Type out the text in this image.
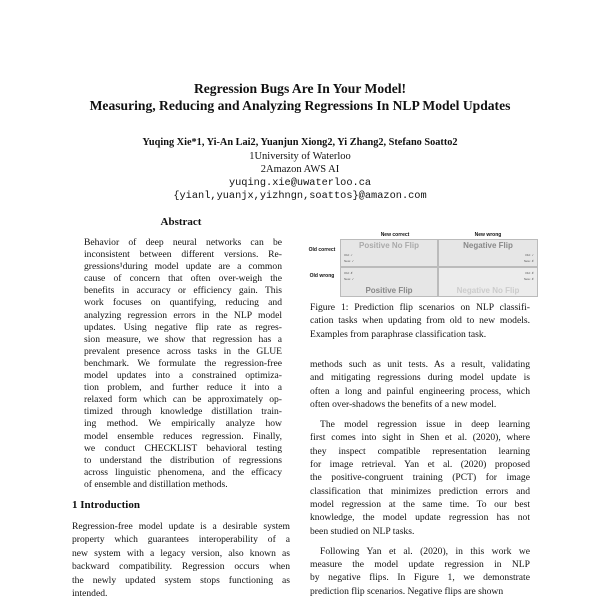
Regression Bugs Are In Your Model!
Measuring, Reducing and Analyzing Regressions In NLP Model Updates
Yuqing Xie*1, Yi-An Lai2, Yuanjun Xiong2, Yi Zhang2, Stefano Soatto2
1University of Waterloo
2Amazon AWS AI
yuqing.xie@uwaterloo.ca
{yianl,yuanjx,yizhngn,soattos}@amazon.com
Abstract
Behavior of deep neural networks can be
inconsistent between different versions. Re-
gressions¹during model update are a common
cause of concern that often over-weigh the
benefits in accuracy or efficiency gain. This
work focuses on quantifying, reducing and
analyzing regression errors in the NLP model
updates. Using negative flip rate as regres-
sion measure, we show that regression has a
prevalent presence across tasks in the GLUE
benchmark. We formulate the regression-free
model updates into a constrained optimiza-
tion problem, and further reduce it into a
relaxed form which can be approximately op-
timized through knowledge distillation train-
ing method. We empirically analyze how
model ensemble reduces regression. Finally,
we conduct CHECKLIST behavioral testing
to understand the distribution of regressions
across linguistic phenomena, and the efficacy
of ensemble and distillation methods.
1 Introduction
Regression-free model update is a desirable system
property which guarantees interoperability of a
new system with a legacy version, also known as
backward compatibility. Regression occurs when
the newly updated system stops functioning as
intended.
New correct	New wrong
Old correct
Old wrong
Positive No Flip
Old: ✓
New: ✓
Negative Flip
Old: ✓
New: ✗
Positive Flip
Old: ✗
New: ✓
Negative No Flip
Old: ✗
New: ✗
Figure 1: Prediction flip scenarios on NLP classifi-
cation tasks when updating from old to new models.
Examples from paraphrase classification task.
methods such as unit tests. As a result, validating
and mitigating regressions during model update is
often a long and painful engineering process, which
often over-shadows the benefits of a new model.
The model regression issue in deep learning
first comes into sight in Shen et al. (2020), where
they inspect compatible representation learning
for image retrieval. Yan et al. (2020) proposed
the positive-congruent training (PCT) for image
classification that minimizes prediction errors and
model regression at the same time. To our best
knowledge, the model update regression has not
been studied on NLP tasks.
Following Yan et al. (2020), in this work we
measure the model update regression in NLP
by negative flips. In Figure 1, we demonstrate
prediction flip scenarios. Negative flips are shown
